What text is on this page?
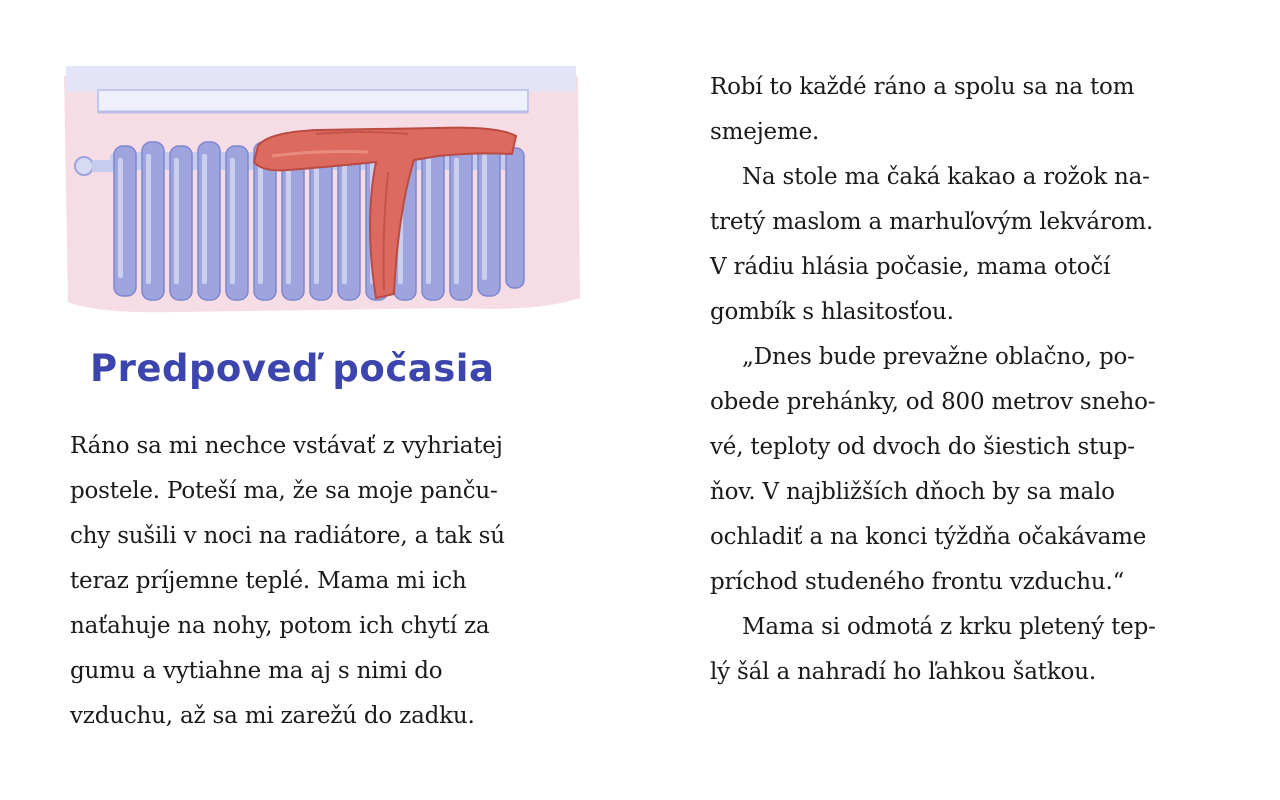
Predpoveď počasia
Ráno sa mi nechce vstávať z vyhriatej
postele. Poteší ma, že sa moje panču-
chy sušili v noci na radiátore, a tak sú
teraz príjemne teplé. Mama mi ich
naťahuje na nohy, potom ich chytí za
gumu a vytiahne ma aj s nimi do
vzduchu, až sa mi zarežú do zadku.
Robí to každé ráno a spolu sa na tom
smejeme.
Na stole ma čaká kakao a rožok na-
tretý maslom a marhuľovým lekvárom.
V rádiu hlásia počasie, mama otočí
gombík s hlasitosťou.
„Dnes bude prevažne oblačno, po-
obede prehánky, od 800 metrov sneho-
vé, teploty od dvoch do šiestich stup-
ňov. V najbližších dňoch by sa malo
ochladiť a na konci týždňa očakávame
príchod studeného frontu vzduchu.“
Mama si odmotá z krku pletený tep-
lý šál a nahradí ho ľahkou šatkou.
